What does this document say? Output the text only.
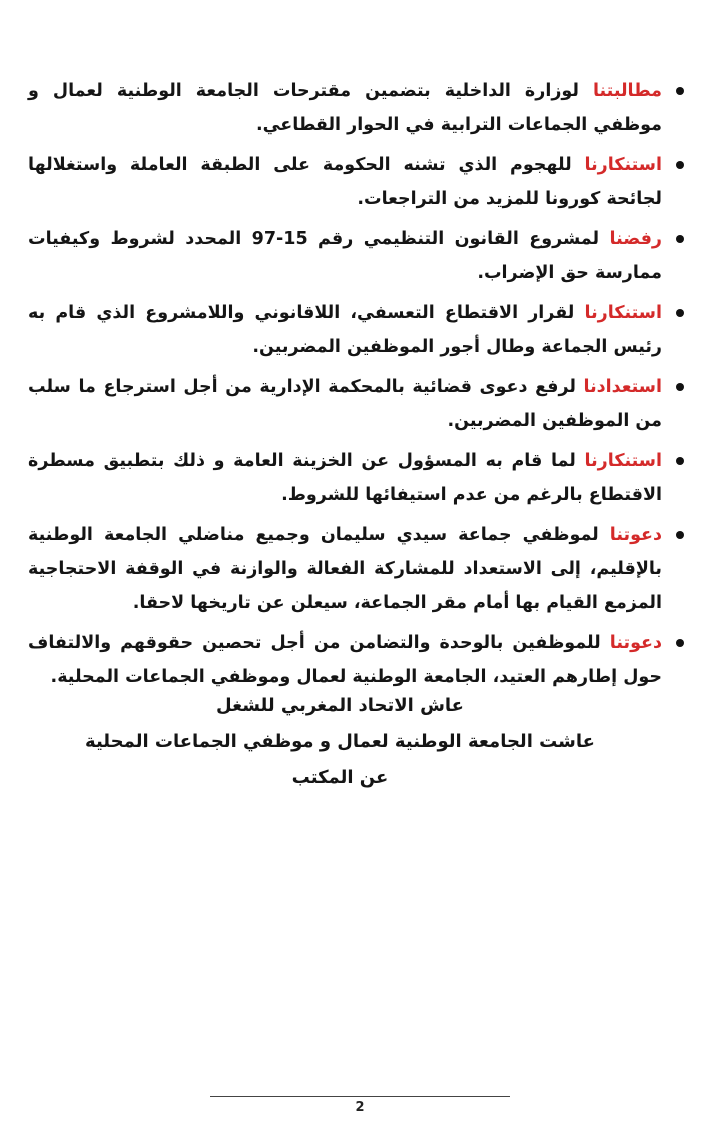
مطالبتنا لوزارة الداخلية بتضمين مقترحات الجامعة الوطنية لعمال و موظفي الجماعات الترابية في الحوار القطاعي.
استنكارنا للهجوم الذي تشنه الحكومة على الطبقة العاملة واستغلالها لجائحة كورونا للمزيد من التراجعات.
رفضنا لمشروع القانون التنظيمي رقم 15-97 المحدد لشروط وكيفيات ممارسة حق الإضراب.
استنكارنا لقرار الاقتطاع التعسفي، اللاقانوني واللامشروع الذي قام به رئيس الجماعة وطال أجور الموظفين المضربين.
استعدادنا لرفع دعوى قضائية بالمحكمة الإدارية من أجل استرجاع ما سلب من الموظفين المضربين.
استنكارنا لما قام به المسؤول عن الخزينة العامة و ذلك بتطبيق مسطرة الاقتطاع بالرغم من عدم استيفائها للشروط.
دعوتنا لموظفي جماعة سيدي سليمان وجميع مناضلي الجامعة الوطنية بالإقليم، إلى الاستعداد للمشاركة الفعالة والوازنة في الوقفة الاحتجاجية المزمع القيام بها أمام مقر الجماعة، سيعلن عن تاريخها لاحقا.
دعوتنا للموظفين بالوحدة والتضامن من أجل تحصين حقوقهم والالتفاف حول إطارهم العتيد، الجامعة الوطنية لعمال وموظفي الجماعات المحلية.
عاش الاتحاد المغربي للشغل
عاشت الجامعة الوطنية لعمال و موظفي الجماعات المحلية
عن المكتب
2
